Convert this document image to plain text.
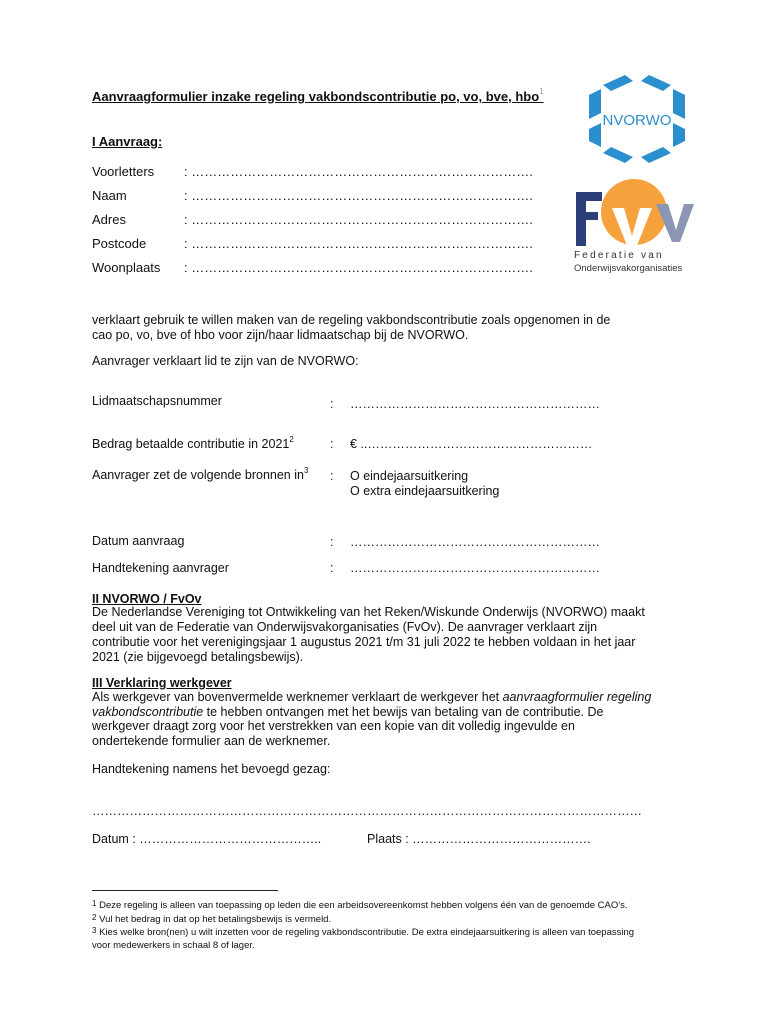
Aanvraagformulier inzake regeling vakbondscontributie po, vo, bve, hbo$^1$
NVORWO
Federatie van
Onderwijsvakorganisaties
I Aanvraag:
Voorletters : …………………………………………………………………….
Naam	: …………………………………………………………………….
Adres	: …………………………………………………………………….
Postcode	: …………………………………………………………………….
Woonplaats : …………………………………………………………………….
verklaart gebruik te willen maken van de regeling vakbondscontributie zoals opgenomen in de
cao po, vo, bve of hbo voor zijn/haar lidmaatschap bij de NVORWO.
Aanvrager verklaart lid te zijn van de NVORWO:
Lidmaatschapsnummer	: ……………………………………………………
Bedrag betaalde contributie in 2021$^2$	: € ..………………………………………………
Aanvrager zet de volgende bronnen $in^3$ : O eindejaarsuitkering
O extra eindejaarsuitkering
Datum aanvraag	: ……………………………………………………
Handtekening aanvrager	: ……………………………………………………
II NVORWO / FvOv
De Nederlandse Vereniging tot Ontwikkeling van het Reken/Wiskunde Onderwijs (NVORWO) maakt
deel uit van de Federatie van Onderwijsvakorganisaties (FvOv). De aanvrager verklaart zijn
contributie voor het verenigingsjaar 1 augustus 2021 t/m 31 juli 2022 te hebben voldaan in het jaar
2021 (zie bijgevoegd betalingsbewijs).
III Verklaring werkgever
Als werkgever van bovenvermelde werknemer verklaart de werkgever het aanvraagformulier regeling
vakbondscontributie te hebben ontvangen met het bewijs van betaling van de contributie. De
werkgever draagt zorg voor het verstrekken van een kopie van dit volledig ingevulde en
ondertekende formulier aan de werknemer.
Handtekening namens het bevoegd gezag:
……………………………………………………………………………………………………………………
Datum : ……………………………………..	Plaats : …………………………………….
$^1$ Deze regeling is alleen van toepassing op leden die een arbeidsovereenkomst hebben volgens één van de genoemde CAO's.
$^2$ Vul het bedrag in dat op het betalingsbewijs is vermeld.
$^3$ Kies welke bron(nen) u wilt inzetten voor de regeling vakbondscontributie. De extra eindejaarsuitkering is alleen van toepassing voor medewerkers in schaal 8 of lager.
